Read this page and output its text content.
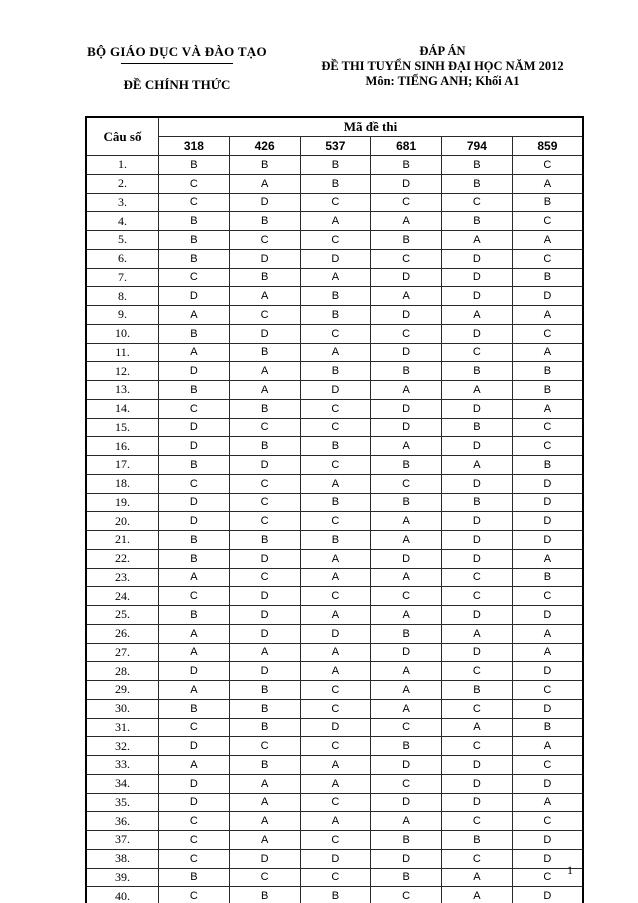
BỘ GIÁO DỤC VÀ ĐÀO TẠO
ĐỀ CHÍNH THỨC
ĐÁP ÁN
ĐỀ THI TUYỂN SINH ĐẠI HỌC NĂM 2012
Môn: TIẾNG ANH; Khối A1
Câu số	Mã đề thi					
	318	426	537	681	794	859
1.	B	B	B	B	B	C
2.	C	A	B	D	B	A
3.	C	D	C	C	C	B
4.	B	B	A	A	B	C
5.	B	C	C	B	A	A
6.	B	D	D	C	D	C
7.	C	B	A	D	D	B
8.	D	A	B	A	D	D
9.	A	C	B	D	A	A
10.	B	D	C	C	D	C
11.	A	B	A	D	C	A
12.	D	A	B	B	B	B
13.	B	A	D	A	A	B
14.	C	B	C	D	D	A
15.	D	C	C	D	B	C
16.	D	B	B	A	D	C
17.	B	D	C	B	A	B
18.	C	C	A	C	D	D
19.	D	C	B	B	B	D
20.	D	C	C	A	D	D
21.	B	B	B	A	D	D
22.	B	D	A	D	D	A
23.	A	C	A	A	C	B
24.	C	D	C	C	C	C
25.	B	D	A	A	D	D
26.	A	D	D	B	A	A
27.	A	A	A	D	D	A
28.	D	D	A	A	C	D
29.	A	B	C	A	B	C
30.	B	B	C	A	C	D
31.	C	B	D	C	A	B
32.	D	C	C	B	C	A
33.	A	B	A	D	D	C
34.	D	A	A	C	D	D
35.	D	A	C	D	D	A
36.	C	A	A	A	C	C
37.	C	A	C	B	B	D
38.	C	D	D	D	C	D
39.	B	C	C	B	A	C
40.	C	B	B	C	A	D
1
